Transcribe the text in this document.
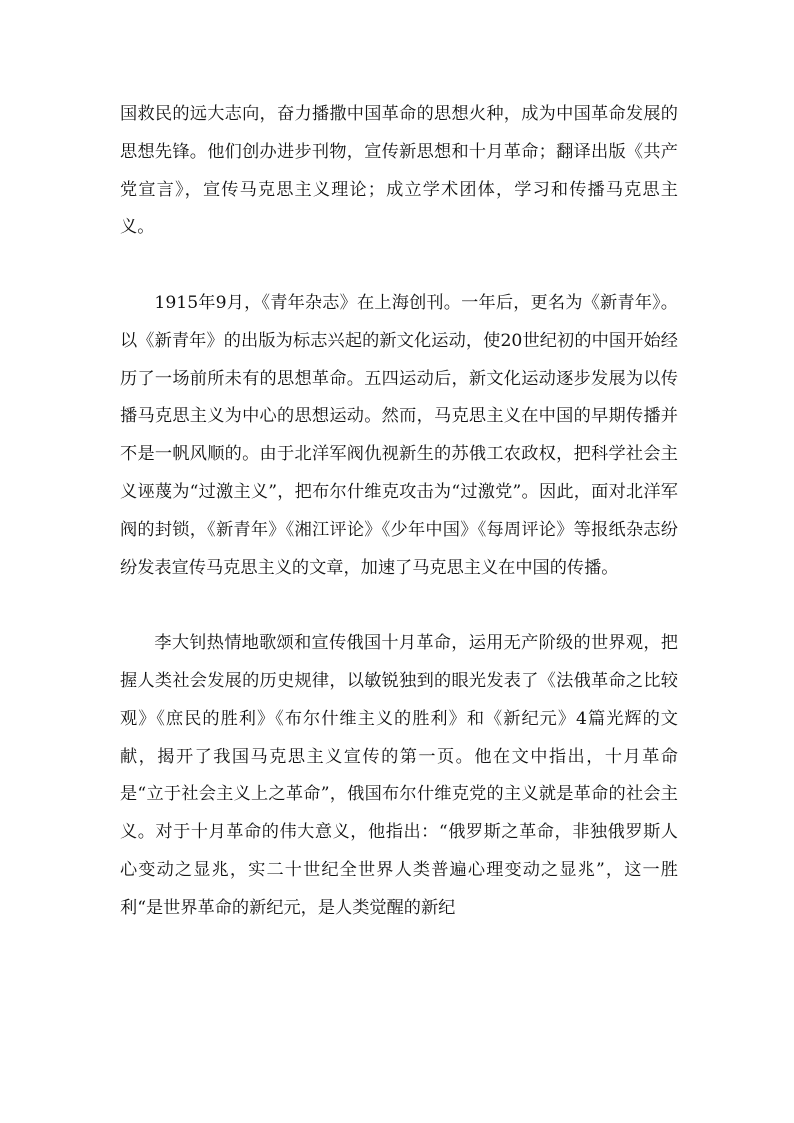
国救民的远大志向，奋力播撒中国革命的思想火种，成为中国革命发展的思想先锋。他们创办进步刊物，宣传新思想和十月革命；翻译出版《共产党宣言》，宣传马克思主义理论；成立学术团体，学习和传播马克思主义。

1915年9月，《青年杂志》在上海创刊。一年后，更名为《新青年》。以《新青年》的出版为标志兴起的新文化运动，使20世纪初的中国开始经历了一场前所未有的思想革命。五四运动后，新文化运动逐步发展为以传播马克思主义为中心的思想运动。然而，马克思主义在中国的早期传播并不是一帆风顺的。由于北洋军阀仇视新生的苏俄工农政权，把科学社会主义诬蔑为“过激主义”，把布尔什维克攻击为“过激党”。因此，面对北洋军阀的封锁，《新青年》《湘江评论》《少年中国》《每周评论》等报纸杂志纷纷发表宣传马克思主义的文章，加速了马克思主义在中国的传播。

李大钊热情地歌颂和宣传俄国十月革命，运用无产阶级的世界观，把握人类社会发展的历史规律，以敏锐独到的眼光发表了《法俄革命之比较观》《庶民的胜利》《布尔什维主义的胜利》和《新纪元》4篇光辉的文献，揭开了我国马克思主义宣传的第一页。他在文中指出，十月革命是“立于社会主义上之革命”，俄国布尔什维克党的主义就是革命的社会主义。对于十月革命的伟大意义，他指出：“俄罗斯之革命，非独俄罗斯人心变动之显兆，实二十世纪全世界人类普遍心理变动之显兆”，这一胜利“是世界革命的新纪元，是人类觉醒的新纪
